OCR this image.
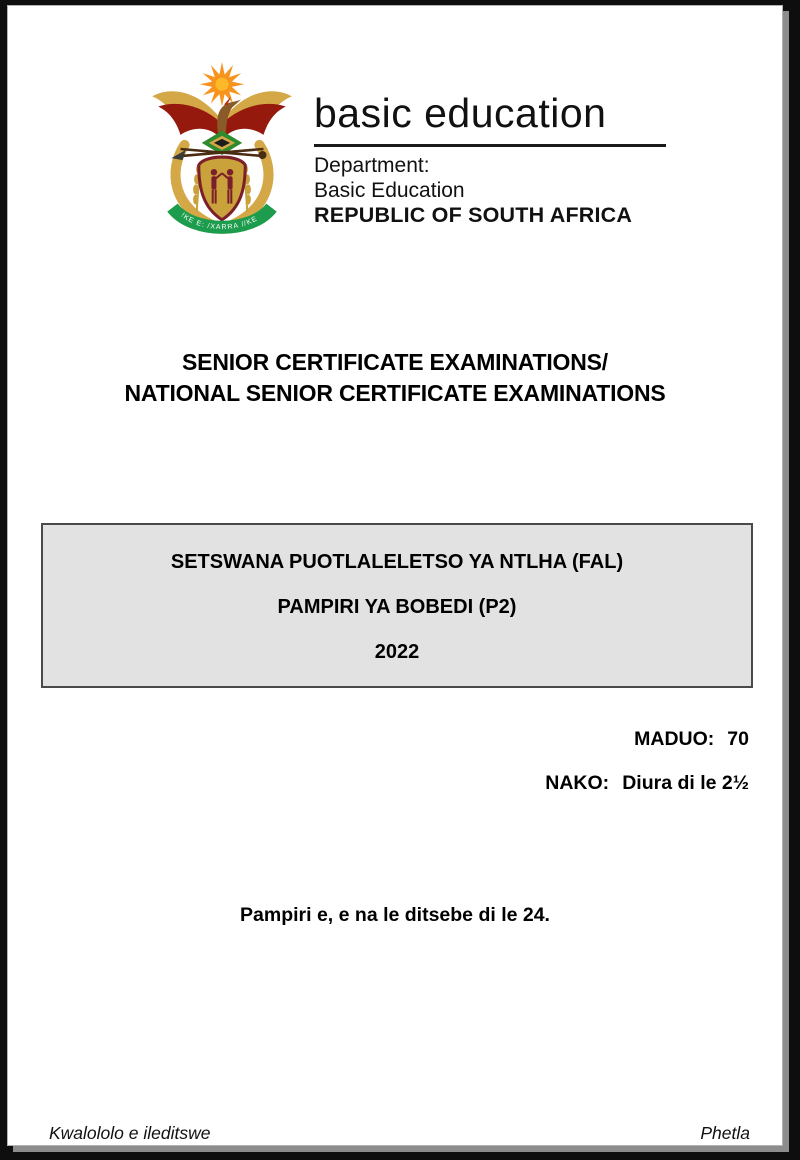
!KE E: /XARRA //KE
basic education
Department:
Basic Education
REPUBLIC OF SOUTH AFRICA
SENIOR CERTIFICATE EXAMINATIONS/
NATIONAL SENIOR CERTIFICATE EXAMINATIONS
SETSWANA PUOTLALELETSO YA NTLHA (FAL)
PAMPIRI YA BOBEDI (P2)
2022
MADUO: 70
NAKO: Diura di le 2½
Pampiri e, e na le ditsebe di le 24.
Kwalololo e ileditswe	Phetla
